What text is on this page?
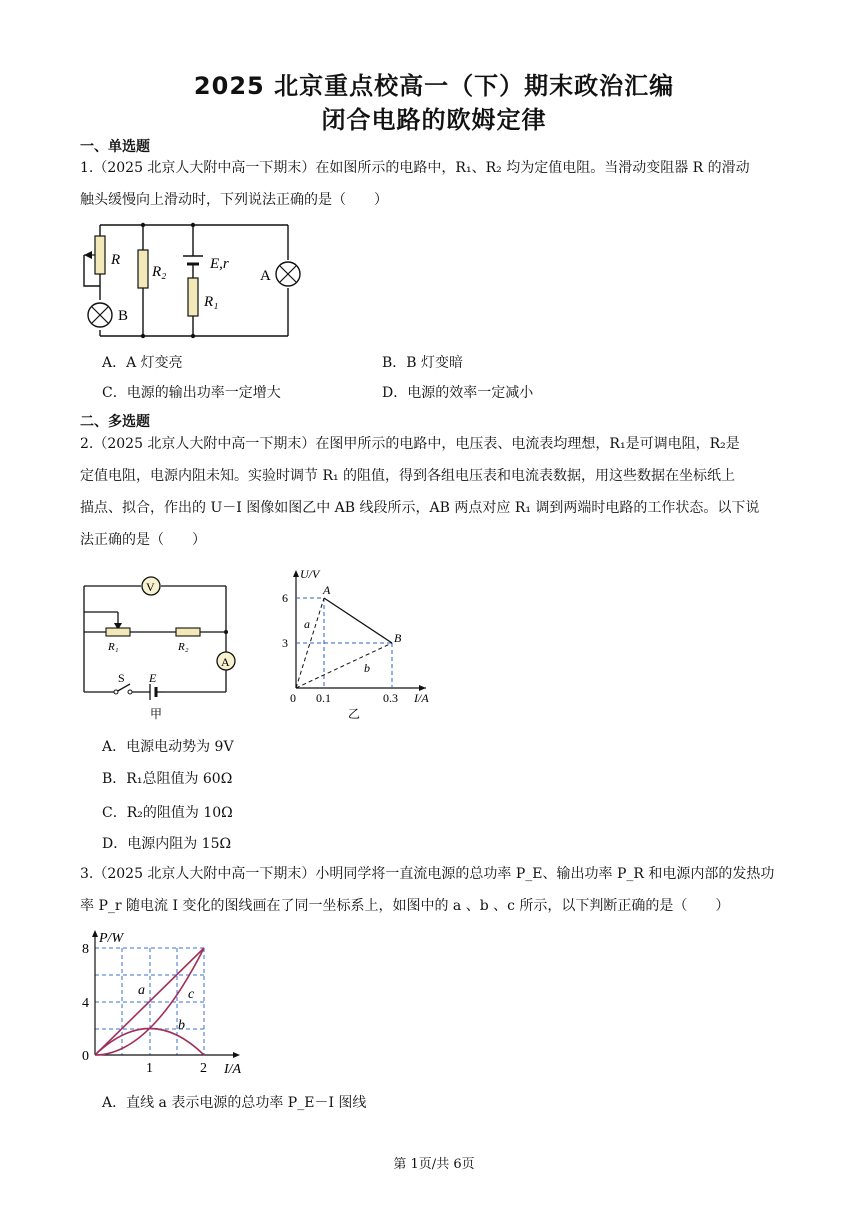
2025 北京重点校高一（下）期末政治汇编
闭合电路的欧姆定律
一、单选题
1.（2025 北京人大附中高一下期末）在如图所示的电路中，R₁、R₂ 均为定值电阻。当滑动变阻器 R 的滑动
触头缓慢向上滑动时，下列说法正确的是（　　）
R
R₂	E,r
R₁
A
B
A．A 灯变亮	B．B 灯变暗
C．电源的输出功率一定增大	D．电源的效率一定减小
二、多选题
2.（2025 北京人大附中高一下期末）在图甲所示的电路中，电压表、电流表均理想，R₁是可调电阻，R₂是
定值电阻，电源内阻未知。实验时调节 R₁ 的阻值，得到各组电压表和电流表数据，用这些数据在坐标纸上
描点、拟合，作出的 U－I 图像如图乙中 AB 线段所示，AB 两点对应 R₁ 调到两端时电路的工作状态。以下说
法正确的是（　　）
V
A
R₁	R₂
S E
甲
U/V
I/A
6
3
0 0.1	0.3
A
B
a
b
乙
A．电源电动势为 9V
B．R₁总阻值为 60Ω
C．R₂的阻值为 10Ω
D．电源内阻为 15Ω
3.（2025 北京人大附中高一下期末）小明同学将一直流电源的总功率 P_E、输出功率 P_R 和电源内部的发热功
率 P_r 随电流 I 变化的图线画在了同一坐标系上，如图中的 a 、b 、c 所示，以下判断正确的是（　　）
P/W
I/A
8
4
0
1	2
a	c
b
A．直线 a 表示电源的总功率 P_E－I 图线
第 1页/共 6页
